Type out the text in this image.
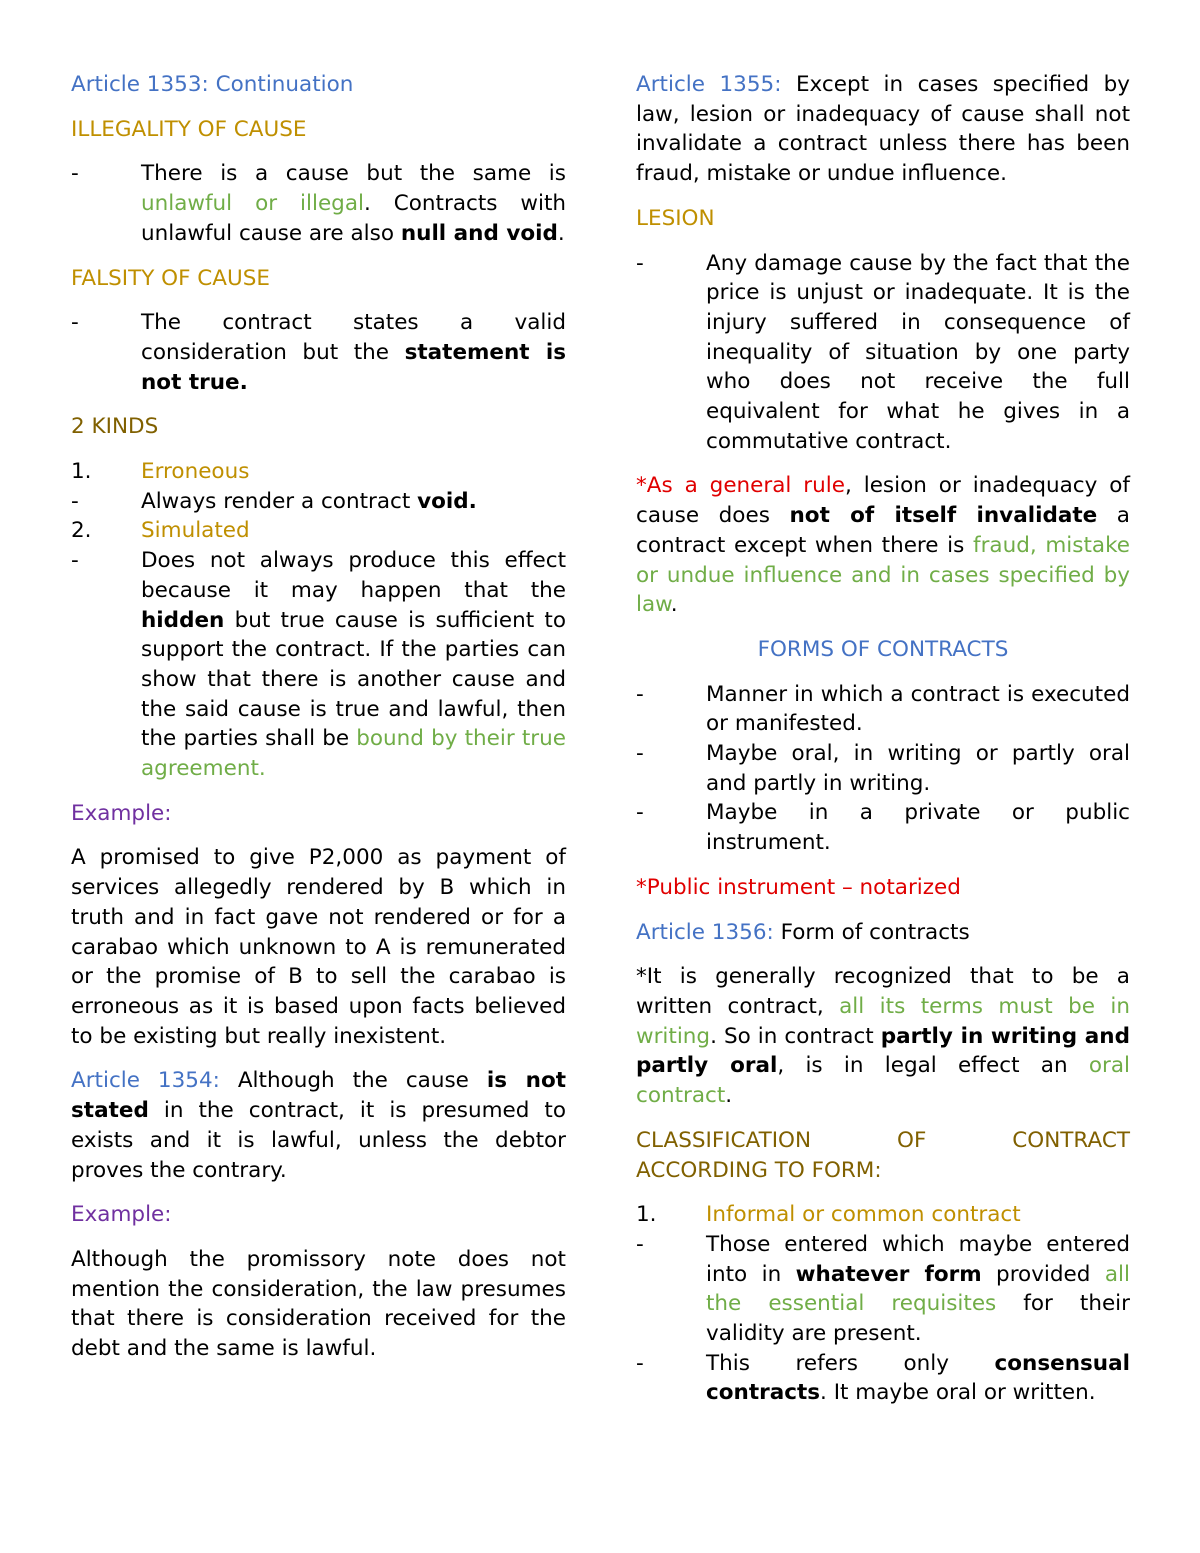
Article 1353: Continuation

ILLEGALITY OF CAUSE

-	There is a cause but the same is unlawful or illegal. Contracts with unlawful cause are also null and void.

FALSITY OF CAUSE

-	The contract states a valid consideration but the statement is not true.

2 KINDS

1.	Erroneous

-	Always render a contract void.

2.	Simulated

-	Does not always produce this effect because it may happen that the hidden but true cause is sufficient to support the contract. If the parties can show that there is another cause and the said cause is true and lawful, then the parties shall be bound by their true agreement.

Example:

A promised to give P2,000 as payment of services allegedly rendered by B which in truth and in fact gave not rendered or for a carabao which unknown to A is remunerated or the promise of B to sell the carabao is erroneous as it is based upon facts believed to be existing but really inexistent.

Article 1354: Although the cause is not stated in the contract, it is presumed to exists and it is lawful, unless the debtor proves the contrary.

Example:

Although the promissory note does not mention the consideration, the law presumes that there is consideration received for the debt and the same is lawful.

Article 1355: Except in cases specified by law, lesion or inadequacy of cause shall not invalidate a contract unless there has been fraud, mistake or undue influence.

LESION

-	Any damage cause by the fact that the price is unjust or inadequate. It is the injury suffered in consequence of inequality of situation by one party who does not receive the full equivalent for what he gives in a commutative contract.

*As a general rule, lesion or inadequacy of cause does not of itself invalidate a contract except when there is fraud, mistake or undue influence and in cases specified by law.

FORMS OF CONTRACTS

-	Manner in which a contract is executed or manifested.

-	Maybe oral, in writing or partly oral and partly in writing.

-	Maybe in a private or public instrument.

*Public instrument – notarized

Article 1356: Form of contracts

*It is generally recognized that to be a written contract, all its terms must be in writing. So in contract partly in writing and partly oral, is in legal effect an oral contract.

CLASSIFICATION	OF	CONTRACT

ACCORDING TO FORM:

1.	Informal or common contract

-	Those entered which maybe entered into in whatever form provided all the essential requisites for their validity are present.

-	This refers only consensual contracts. It maybe oral or written.
